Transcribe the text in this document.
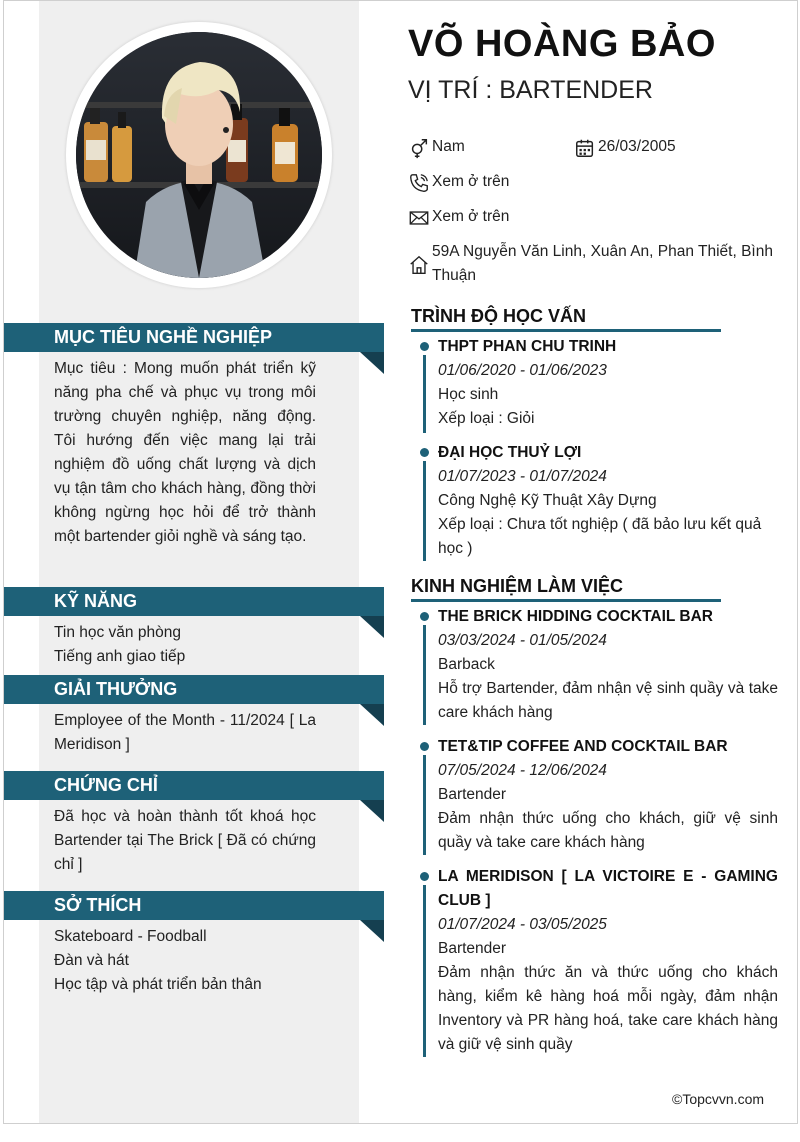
MỤC TIÊU NGHỀ NGHIỆP
Mục tiêu : Mong muốn phát triển kỹ năng pha chế và phục vụ trong môi trường chuyên nghiệp, năng động. Tôi hướng đến việc mang lại trải nghiệm đồ uống chất lượng và dịch vụ tận tâm cho khách hàng, đồng thời không ngừng học hỏi để trở thành một bartender giỏi nghề và sáng tạo.
KỸ NĂNG
Tin học văn phòng
Tiếng anh giao tiếp
GIẢI THƯỞNG
Employee of the Month - 11/2024 [ La Meridison ]
CHỨNG CHỈ
Đã học và hoàn thành tốt khoá học Bartender tại The Brick [ Đã có chứng chỉ ]
SỞ THÍCH
Skateboard - Foodball
Đàn và hát
Học tập và phát triển bản thân
VÕ HOÀNG BẢO
VỊ TRÍ : BARTENDER
Nam	26/03/2005
Xem ở trên
Xem ở trên
59A Nguyễn Văn Linh, Xuân An, Phan Thiết, Bình Thuận
TRÌNH ĐỘ HỌC VẤN
THPT PHAN CHU TRINH
01/06/2020 - 01/06/2023
Học sinh
Xếp loại : Giỏi
ĐẠI HỌC THUỶ LỢI
01/07/2023 - 01/07/2024
Công Nghệ Kỹ Thuật Xây Dựng
Xếp loại : Chưa tốt nghiệp ( đã bảo lưu kết quả học )
KINH NGHIỆM LÀM VIỆC
THE BRICK HIDDING COCKTAIL BAR
03/03/2024 - 01/05/2024
Barback
Hỗ trợ Bartender, đảm nhận vệ sinh quầy và take care khách hàng
TET&TIP COFFEE AND COCKTAIL BAR
07/05/2024 - 12/06/2024
Bartender
Đảm nhận thức uống cho khách, giữ vệ sinh quầy và take care khách hàng
LA MERIDISON [ LA VICTOIRE E - GAMING CLUB ]
01/07/2024 - 03/05/2025
Bartender
Đảm nhận thức ăn và thức uống cho khách hàng, kiểm kê hàng hoá mỗi ngày, đảm nhận Inventory và PR hàng hoá, take care khách hàng và giữ vệ sinh quầy
©Topcvvn.com
